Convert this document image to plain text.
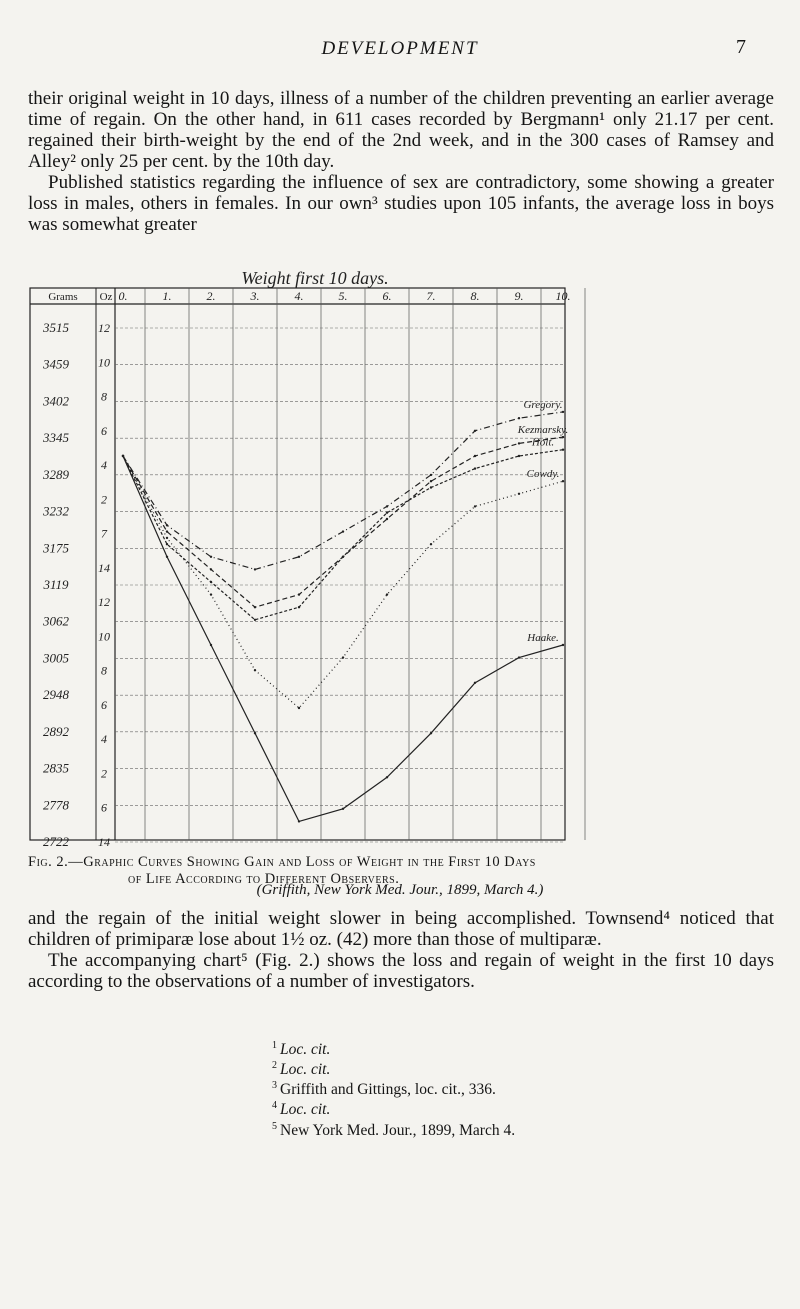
DEVELOPMENT	7

their original weight in 10 days, illness of a number of the children preventing an earlier average time of regain. On the other hand, in 611 cases recorded by Bergmann¹ only 21.17 per cent. regained their birth-weight by the end of the 2nd week, and in the 300 cases of Ramsey and Alley² only 25 per cent. by the 10th day.

Published statistics regarding the influence of sex are contradictory, some showing a greater loss in males, others in females. In our own³ studies upon 105 infants, the average loss in boys was somewhat greater

Weight first 10 days.
Grams Oz 0.	1.	2.	3.	4.	5.	6.	7.	8.	9.	10.
3515
3459
3402
3345
3289
3232
3175
3119
3062
3005
2948
2892
2835
2778
2722
12
10
8
6
4
2
7
14
12
10
8
6
4
2
6
14
Gregory.
Kezmarsky.
Holt.
Cowdy.
Haake.
Fig. 2.—Graphic Curves Showing Gain and Loss of Weight in the First 10 Days
of Life According to Different Observers.
(Griffith, New York Med. Jour., 1899, March 4.)

and the regain of the initial weight slower in being accomplished. Townsend⁴ noticed that children of primiparæ lose about 1½ oz. (42) more than those of multiparæ.

The accompanying chart⁵ (Fig. 2.) shows the loss and regain of weight in the first 10 days according to the observations of a number of investigators.

$^1$ Loc. cit.
$^2$ Loc. cit.
$^3$ Griffith and Gittings, loc. cit., 336.
$^4$ Loc. cit.
$^5$ New York Med. Jour., 1899, March 4.
